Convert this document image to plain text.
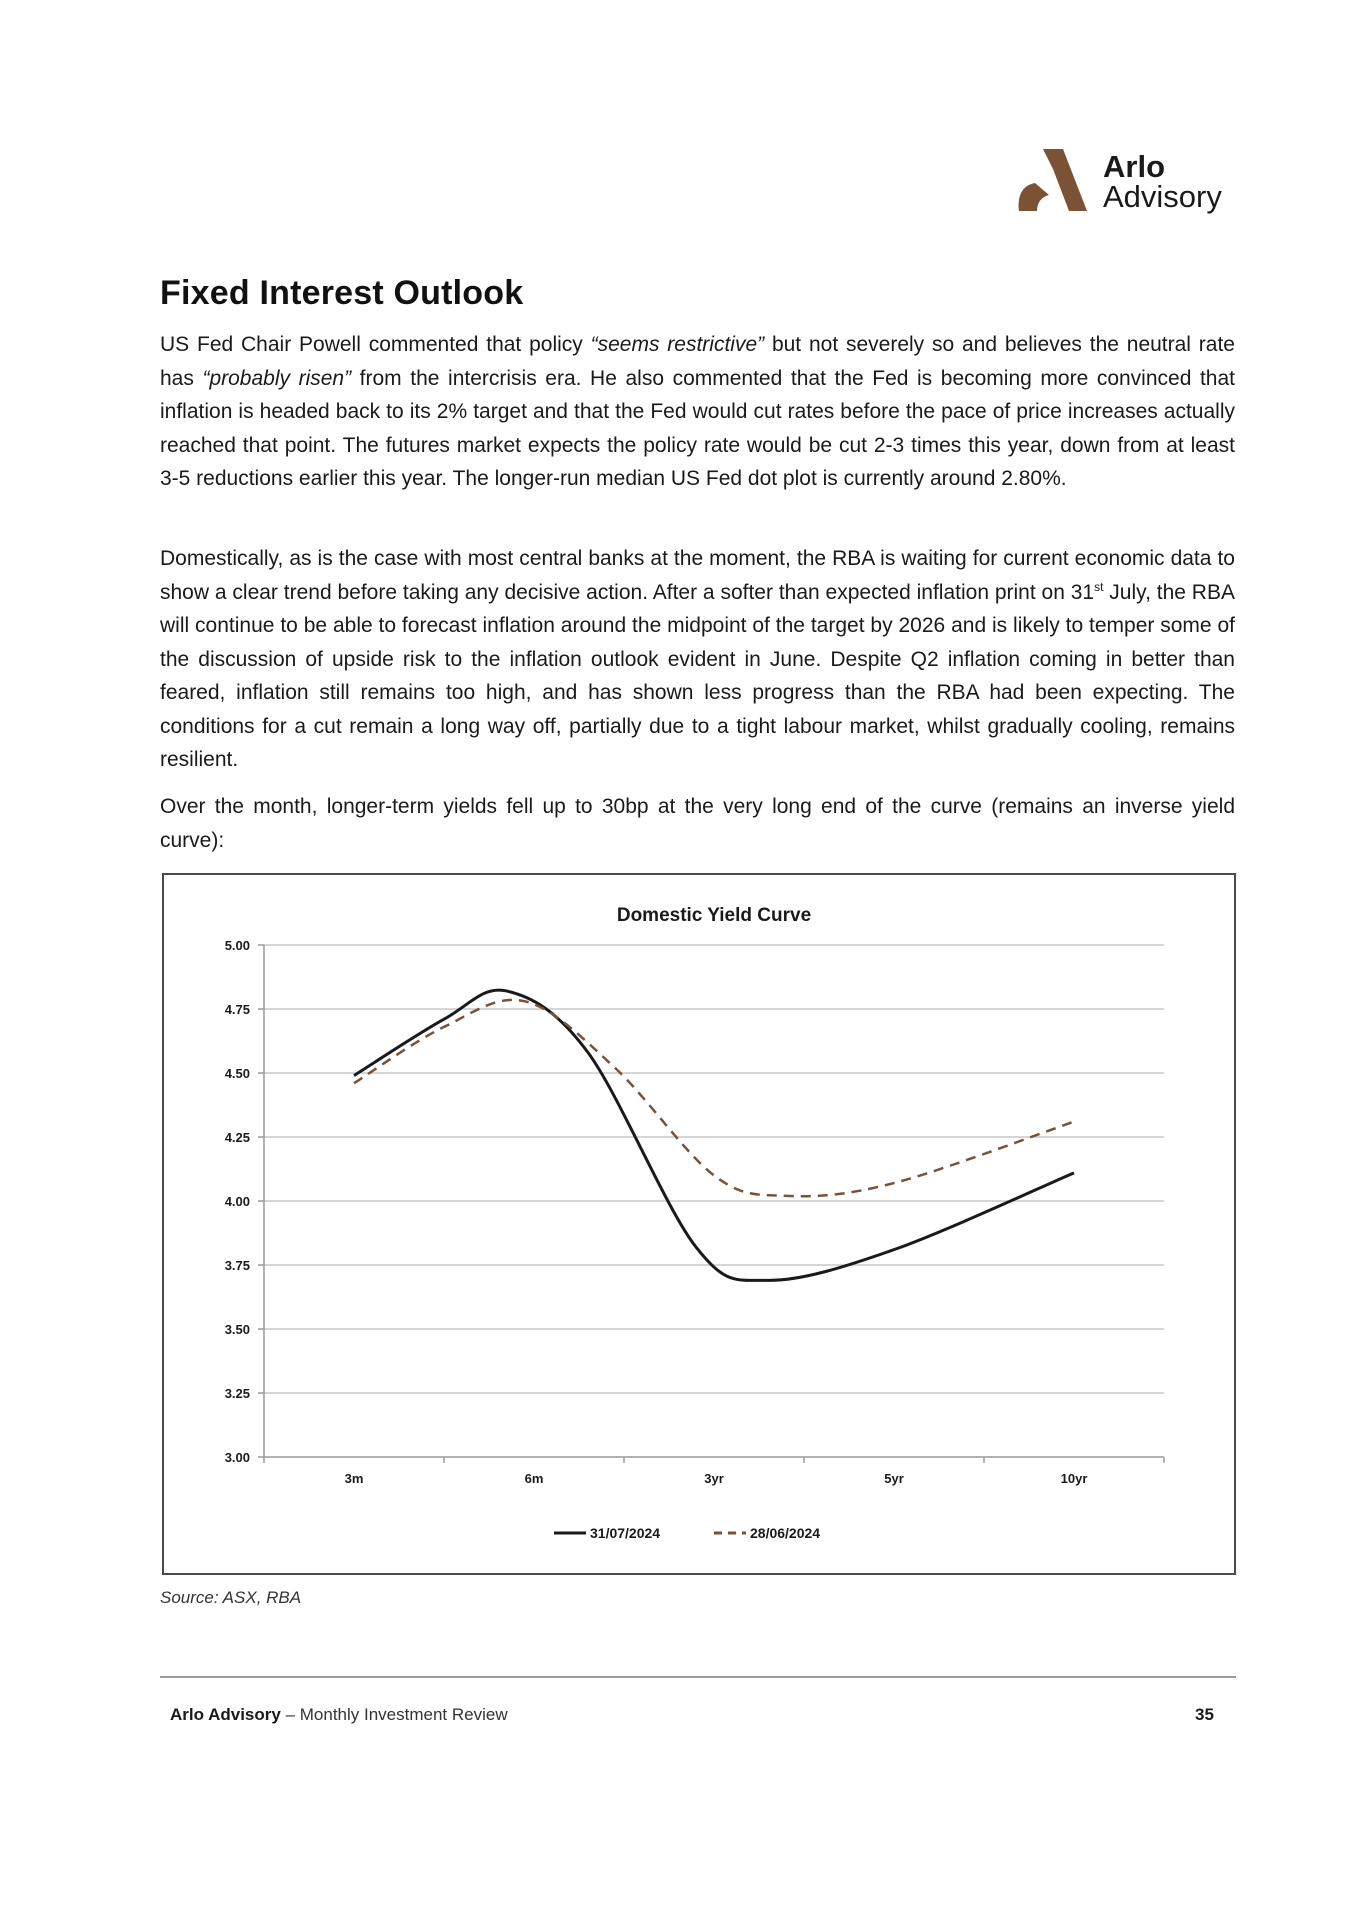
Arlo
Advisory
Fixed Interest Outlook

US Fed Chair Powell commented that policy “seems restrictive” but not severely so and believes the neutral rate has “probably risen” from the intercrisis era. He also commented that the Fed is becoming more convinced that inflation is headed back to its 2% target and that the Fed would cut rates before the pace of price increases actually reached that point. The futures market expects the policy rate would be cut 2-3 times this year, down from at least 3-5 reductions earlier this year. The longer-run median US Fed dot plot is currently around 2.80%.

Domestically, as is the case with most central banks at the moment, the RBA is waiting for current economic data to show a clear trend before taking any decisive action. After a softer than expected inflation print on 31st July, the RBA will continue to be able to forecast inflation around the midpoint of the target by 2026 and is likely to temper some of the discussion of upside risk to the inflation outlook evident in June. Despite Q2 inflation coming in better than feared, inflation still remains too high, and has shown less progress than the RBA had been expecting. The conditions for a cut remain a long way off, partially due to a tight labour market, whilst gradually cooling, remains resilient.

Over the month, longer-term yields fell up to 30bp at the very long end of the curve (remains an inverse yield curve):

Domestic Yield Curve
5.00
4.75
4.50
4.25
4.00
3.75
3.50
3.25
3.00
3m	6m	3yr	5yr	10yr
31/07/2024	28/06/2024
Source: ASX, RBA
Arlo Advisory – Monthly Investment Review	35
